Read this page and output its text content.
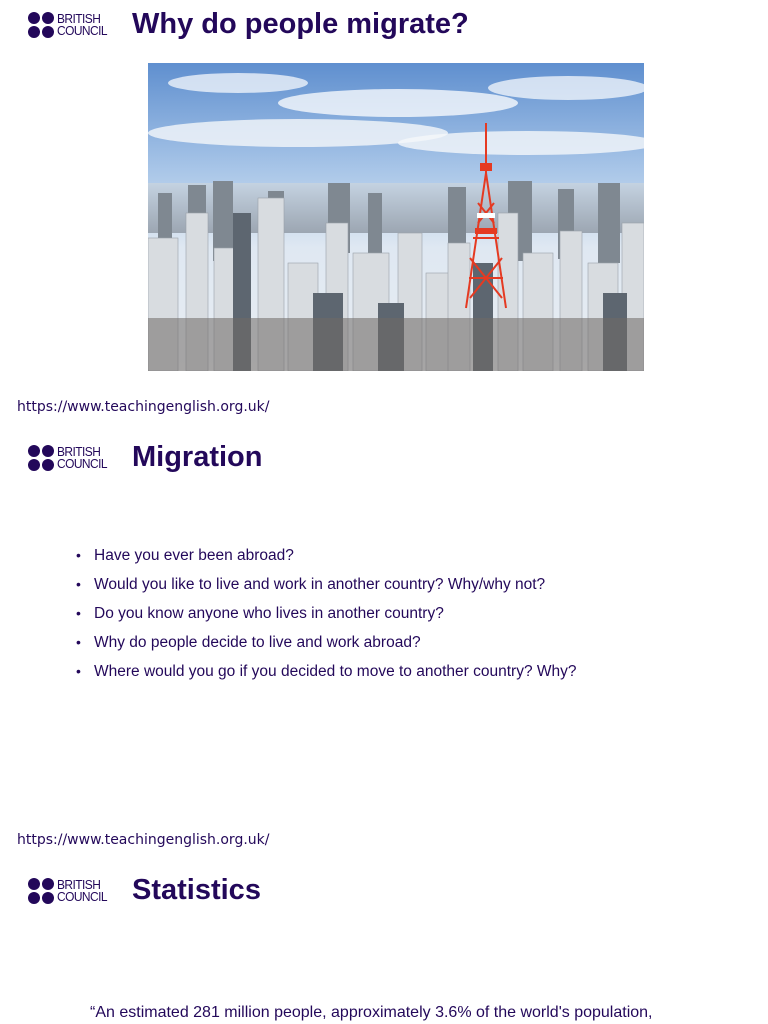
BRITISH
COUNCIL Why do people migrate?
https://www.teachingenglish.org.uk/
BRITISH
COUNCIL Migration
• Have you ever been abroad?
• Would you like to live and work in another country? Why/why not?
• Do you know anyone who lives in another country?
• Why do people decide to live and work abroad?
• Where would you go if you decided to move to another country? Why?
https://www.teachingenglish.org.uk/
BRITISH
COUNCIL Statistics
“An estimated 281 million people, approximately 3.6% of the world's population,
